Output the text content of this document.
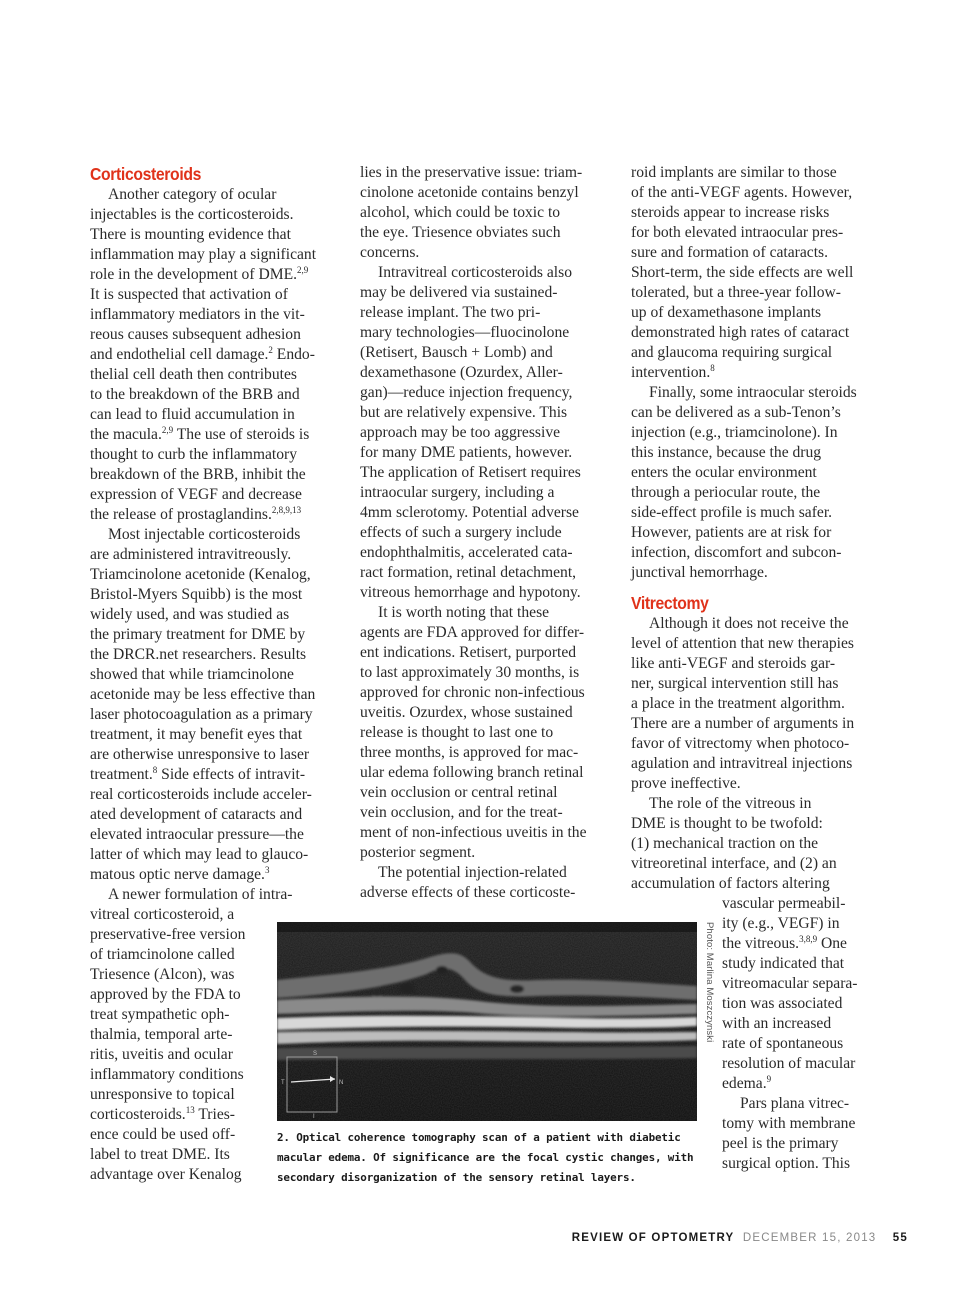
Corticosteroids
Another category of ocular
injectables is the corticosteroids.
There is mounting evidence that
inflammation may play a significant
role in the development of DME.$^{2,9}$
It is suspected that activation of
inflammatory mediators in the vit-
reous causes subsequent adhesion
and endothelial cell damage.$^2$ Endo-
thelial cell death then contributes
to the breakdown of the BRB and
can lead to fluid accumulation in
the macula.$^{2,9}$ The use of steroids is
thought to curb the inflammatory
breakdown of the BRB, inhibit the
expression of VEGF and decrease
the release of prostaglandins.$^{2,8,9,13}$
Most injectable corticosteroids
are administered intravitreously.
Triamcinolone acetonide (Kenalog,
Bristol-Myers Squibb) is the most
widely used, and was studied as
the primary treatment for DME by
the DRCR.net researchers. Results
showed that while triamcinolone
acetonide may be less effective than
laser photocoagulation as a primary
treatment, it may benefit eyes that
are otherwise unresponsive to laser
treatment.$^8$ Side effects of intravit-
real corticosteroids include acceler-
ated development of cataracts and
elevated intraocular pressure—the
latter of which may lead to glauco-
matous optic nerve damage.$^3$
A newer formulation of intra-
vitreal corticosteroid, a
preservative-free version
of triamcinolone called
Triesence (Alcon), was
approved by the FDA to
treat sympathetic oph-
thalmia, temporal arte-
ritis, uveitis and ocular
inflammatory conditions
unresponsive to topical
corticosteroids.$^{13}$ Tries-
ence could be used off-
label to treat DME. Its
advantage over Kenalog
lies in the preservative issue: triam-
cinolone acetonide contains benzyl
alcohol, which could be toxic to
the eye. Triesence obviates such
concerns.
Intravitreal corticosteroids also
may be delivered via sustained-
release implant. The two pri-
mary technologies—fluocinolone
(Retisert, Bausch + Lomb) and
dexamethasone (Ozurdex, Aller-
gan)—reduce injection frequency,
but are relatively expensive. This
approach may be too aggressive
for many DME patients, however.
The application of Retisert requires
intraocular surgery, including a
4mm sclerotomy. Potential adverse
effects of such a surgery include
endophthalmitis, accelerated cata-
ract formation, retinal detachment,
vitreous hemorrhage and hypotony.
It is worth noting that these
agents are FDA approved for differ-
ent indications. Retisert, purported
to last approximately 30 months, is
approved for chronic non-infectious
uveitis. Ozurdex, whose sustained
release is thought to last one to
three months, is approved for mac-
ular edema following branch retinal
vein occlusion or central retinal
vein occlusion, and for the treat-
ment of non-infectious uveitis in the
posterior segment.
The potential injection-related
adverse effects of these corticoste-
roid implants are similar to those
of the anti-VEGF agents. However,
steroids appear to increase risks
for both elevated intraocular pres-
sure and formation of cataracts.
Short-term, the side effects are well
tolerated, but a three-year follow-
up of dexamethasone implants
demonstrated high rates of cataract
and glaucoma requiring surgical
intervention.$^8$
Finally, some intraocular steroids
can be delivered as a sub-Tenon’s
injection (e.g., triamcinolone). In
this instance, because the drug
enters the ocular environment
through a periocular route, the
side-effect profile is much safer.
However, patients are at risk for
infection, discomfort and subcon-
junctival hemorrhage.
Vitrectomy
Although it does not receive the
level of attention that new therapies
like anti-VEGF and steroids gar-
ner, surgical intervention still has
a place in the treatment algorithm.
There are a number of arguments in
favor of vitrectomy when photoco-
agulation and intravitreal injections
prove ineffective.
The role of the vitreous in
DME is thought to be twofold:
(1) mechanical traction on the
vitreoretinal interface, and (2) an
accumulation of factors altering
vascular permeabil-
ity (e.g., VEGF) in
the vitreous.$^{3,8,9}$ One
study indicated that
vitreomacular separa-
tion was associated
with an increased
rate of spontaneous
resolution of macular
edema.$^9$
Pars plana vitrec-
tomy with membrane
peel is the primary
surgical option. This
S
T	N
I
Photo: Marlina Moszczynski
2. Optical coherence tomography scan of a patient with diabetic
macular edema. Of significance are the focal cystic changes, with
secondary disorganization of the sensory retinal layers.
REVIEW OF OPTOMETRY DECEMBER 15, 2013 55
